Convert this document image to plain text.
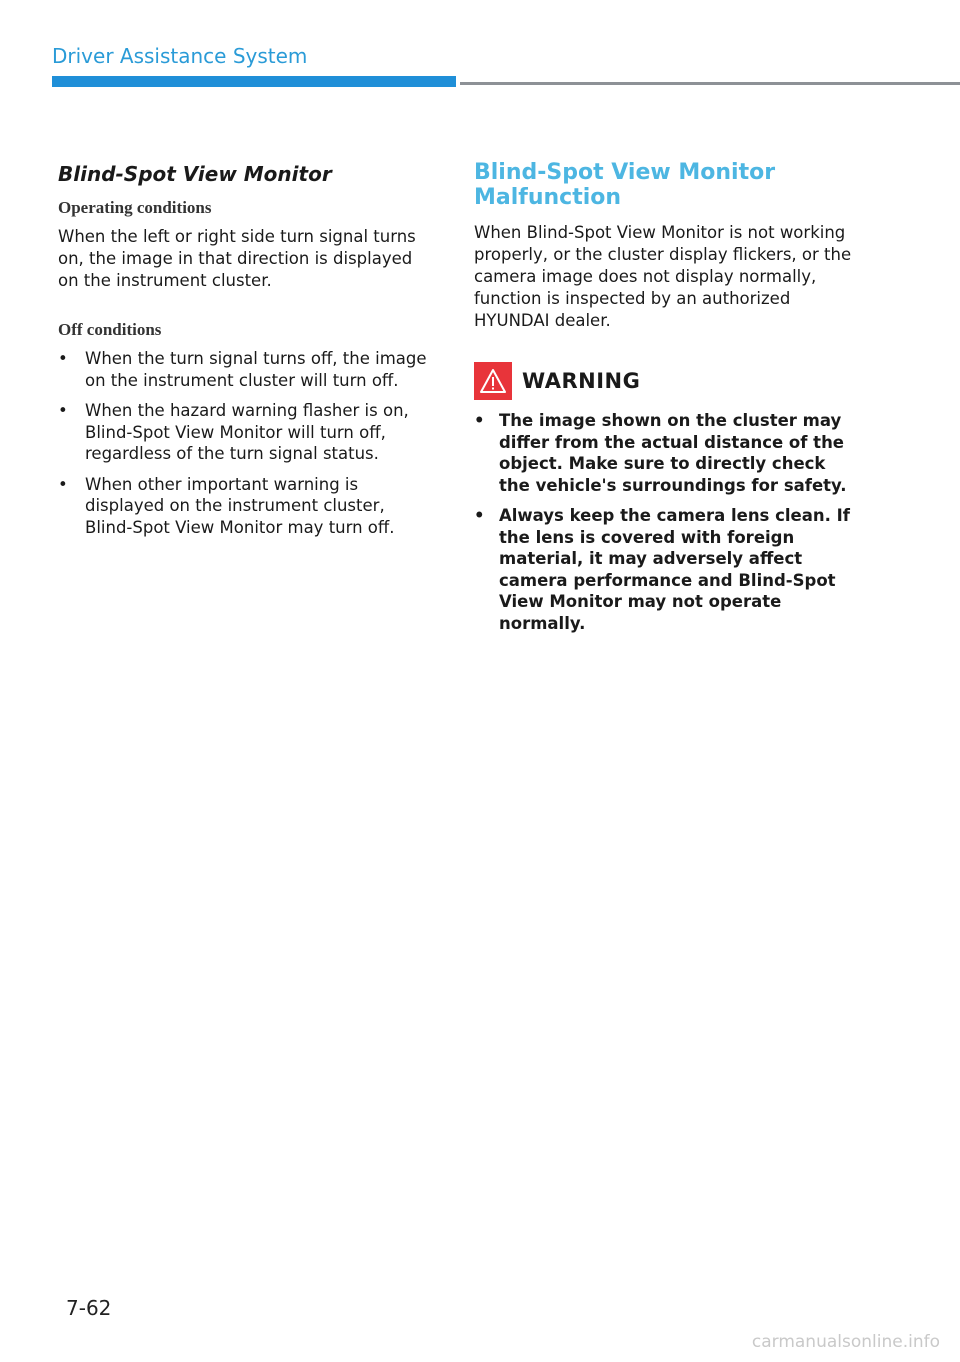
Driver Assistance System
Blind-Spot View Monitor
Operating conditions

When the left or right side turn signal turns on, the image in that direction is displayed on the instrument cluster.

Off conditions
• When the turn signal turns off, the image on the instrument cluster will turn off.
• When the hazard warning flasher is on, Blind-Spot View Monitor will turn off, regardless of the turn signal status.
• When other important warning is displayed on the instrument cluster, Blind-Spot View Monitor may turn off.
Blind-Spot View Monitor Malfunction

When Blind-Spot View Monitor is not working properly, or the cluster display flickers, or the camera image does not display normally, function is inspected by an authorized HYUNDAI dealer.

WARNING
• The image shown on the cluster may differ from the actual distance of the object. Make sure to directly check the vehicle's surroundings for safety.
• Always keep the camera lens clean. If the lens is covered with foreign material, it may adversely affect camera performance and Blind-Spot View Monitor may not operate normally.
7-62
carmanualsonline.info
